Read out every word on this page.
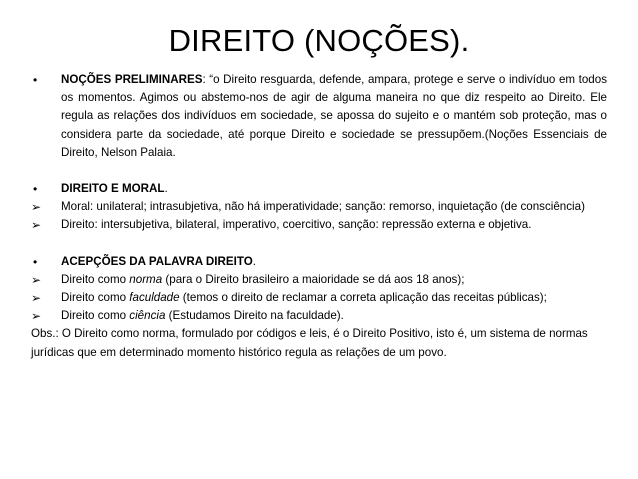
DIREITO (NOÇÕES).
•	NOÇÕES PRELIMINARES: “o Direito resguarda, defende, ampara, protege e serve o indivíduo em todos os momentos. Agimos ou abstemo-nos de agir de alguma maneira no que diz respeito ao Direito. Ele regula as relações dos indivíduos em sociedade, se apossa do sujeito e o mantém sob proteção, mas o considera parte da sociedade, até porque Direito e sociedade se pressupõem.(Noções Essenciais de Direito, Nelson Palaia.
•	DIREITO E MORAL.
➢	Moral: unilateral; intrasubjetiva, não há imperatividade; sanção: remorso, inquietação (de consciência)
➢	Direito: intersubjetiva, bilateral, imperativo, coercitivo, sanção: repressão externa e objetiva.
•	ACEPÇÕES DA PALAVRA DIREITO.
➢	Direito como norma (para o Direito brasileiro a maioridade se dá aos 18 anos);
➢	Direito como faculdade (temos o direito de reclamar a correta aplicação das receitas públicas);
➢	Direito como ciência (Estudamos Direito na faculdade).
Obs.: O Direito como norma, formulado por códigos e leis, é o Direito Positivo, isto é, um sistema de normas jurídicas que em determinado momento histórico regula as relações de um povo.
